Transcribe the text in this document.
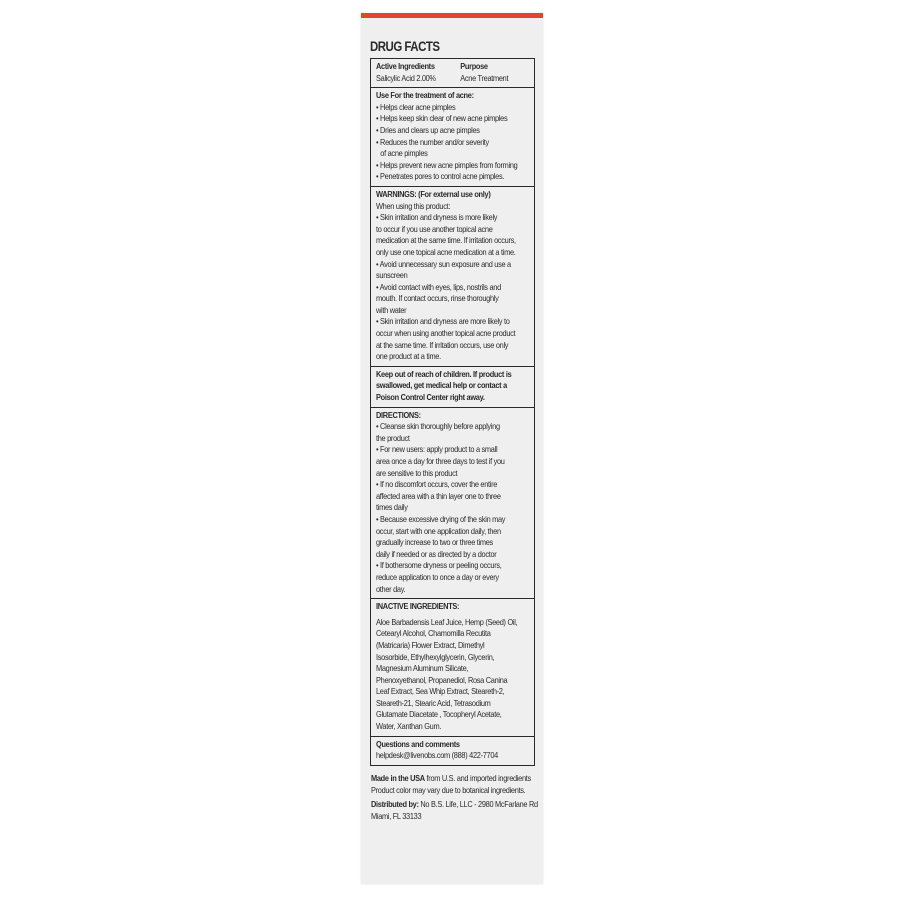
DRUG FACTS
Active Ingredients	Purpose
Salicylic Acid 2.00%	Acne Treatment
Use For the treatment of acne:
• Helps clear acne pimples
• Helps keep skin clear of new acne pimples
• Dries and clears up acne pimples
• Reduces the number and/or severity
of acne pimples
• Helps prevent new acne pimples from forming
• Penetrates pores to control acne pimples.
WARNINGS: (For external use only)
When using this product:
• Skin irritation and dryness is more likely
to occur if you use another topical acne
medication at the same time. If irritation occurs,
only use one topical acne medication at a time.
• Avoid unnecessary sun exposure and use a
sunscreen
• Avoid contact with eyes, lips, nostrils and
mouth. If contact occurs, rinse thoroughly
with water
• Skin irritation and dryness are more likely to
occur when using another topical acne product
at the same time. If irritation occurs, use only
one product at a time.
Keep out of reach of children. If product is
swallowed, get medical help or contact a
Poison Control Center right away.
DIRECTIONS:
• Cleanse skin thoroughly before applying
the product
• For new users: apply product to a small
area once a day for three days to test if you
are sensitive to this product
• If no discomfort occurs, cover the entire
affected area with a thin layer one to three
times daily
• Because excessive drying of the skin may
occur, start with one application daily, then
gradually increase to two or three times
daily if needed or as directed by a doctor
• If bothersome dryness or peeling occurs,
reduce application to once a day or every
other day.
INACTIVE INGREDIENTS:
Aloe Barbadensis Leaf Juice, Hemp (Seed) Oil,
Cetearyl Alcohol, Chamomilla Recutita
(Matricaria) Flower Extract, Dimethyl
Isosorbide, Ethylhexylglycerin, Glycerin,
Magnesium Aluminum Silicate,
Phenoxyethanol, Propanediol, Rosa Canina
Leaf Extract, Sea Whip Extract, Steareth-2,
Steareth-21, Stearic Acid, Tetrasodium
Glutamate Diacetate , Tocopheryl Acetate,
Water, Xanthan Gum.
Questions and comments
helpdesk@livenobs.com (888) 422-7704
Made in the USA from U.S. and imported ingredients
Product color may vary due to botanical ingredients.
Distributed by: No B.S. Life, LLC - 2980 McFarlane Rd
Miami, FL 33133
